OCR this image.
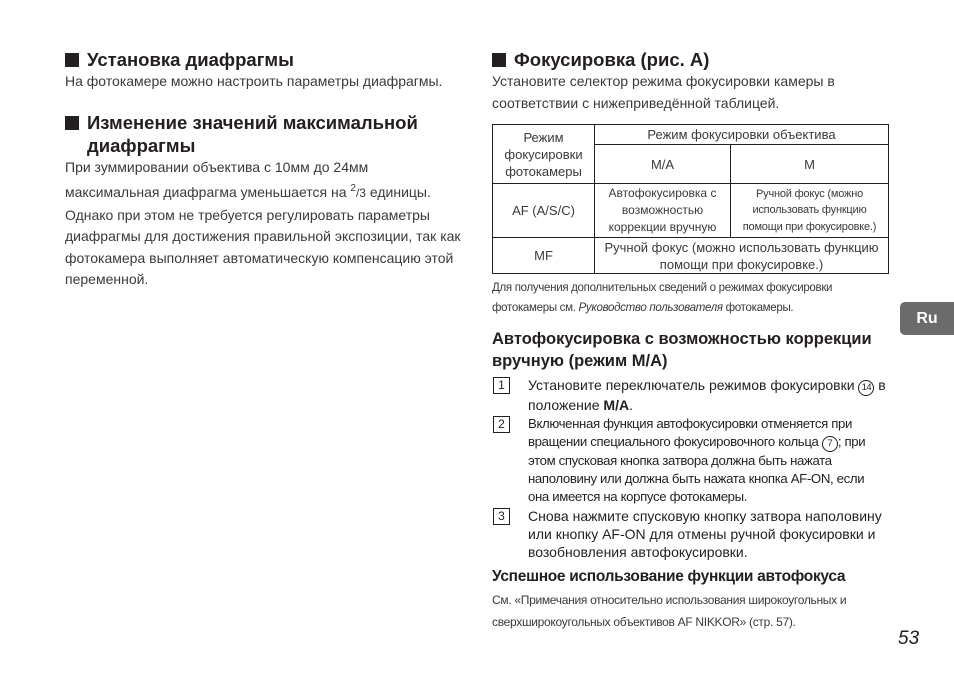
Установка диафрагмы

На фотокамере можно настроить параметры диафрагмы.

Изменение значений максимальной диафрагмы

При зуммировании объектива с 10мм до 24мм максимальная диафрагма уменьшается на $^2$/3 единицы. Однако при этом не требуется регулировать параметры диафрагмы для достижения правильной экспозиции, так как фотокамера выполняет автоматическую компенсацию этой переменной.

Фокусировка (рис. A)

Установите селектор режима фокусировки камеры в соответствии с нижеприведённой таблицей.

Режим фокусировки фотокамеры	Режим фокусировки объектива	
	M/A	M
AF (A/S/C)	Автофокусировка с возможностью коррекции вручную	Ручной фокус (можно использовать функцию помощи при фокусировке.)
MF	Ручной фокус (можно использовать функцию помощи при фокусировке.)	

Для получения дополнительных сведений о режимах фокусировки фотокамеры см. Руководство пользователя фотокамеры.

Автофокусировка с возможностью коррекции вручную (режим M/A)
1	Установите переключатель режимов фокусировки 14 в положение M/A.
2	Включенная функция автофокусировки отменяется при вращении специального фокусировочного кольца 7 ; при этом спусковая кнопка затвора должна быть нажата наполовину или должна быть нажата кнопка AF-ON, если она имеется на корпусе фотокамеры.
3	Снова нажмите спусковую кнопку затвора наполовину или кнопку AF-ON для отмены ручной фокусировки и возобновления автофокусировки.
Успешное использование функции автофокуса

См. «Примечания относительно использования широкоугольных и сверхширокоугольных объективов AF NIKKOR» (стр. 57).

Ru
53
